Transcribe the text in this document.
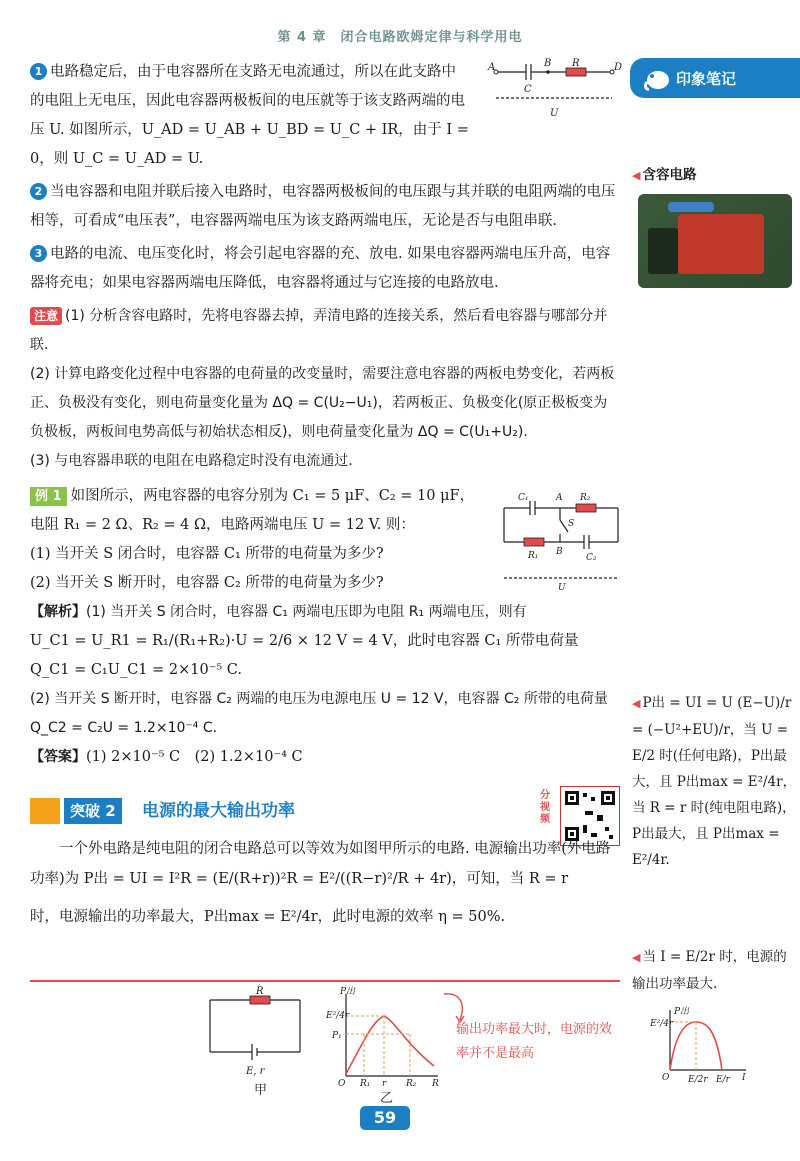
第 4 章　闭合电路欧姆定律与科学用电

1 电路稳定后，由于电容器所在支路无电流通过，所以在此支路中的电阻上无电压，因此电容器两极板间的电压就等于该支路两端的电压 U. 如图所示，U_AD = U_AB + U_BD = U_C + IR，由于 I = 0，则 U_C = U_AD = U.

2 当电容器和电阻并联后接入电路时，电容器两极板间的电压跟与其并联的电阻两端的电压相等，可看成“电压表”，电容器两端电压为该支路两端电压，无论是否与电阻串联.

3 电路的电流、电压变化时，将会引起电容器的充、放电. 如果电容器两端电压升高，电容器将充电；如果电容器两端电压降低，电容器将通过与它连接的电路放电.

注意 (1) 分析含容电路时，先将电容器去掉，弄清电路的连接关系，然后看电容器与哪部分并联.
(2) 计算电路变化过程中电容器的电荷量的改变量时，需要注意电容器的两板电势变化，若两板正、负极没有变化，则电荷量变化量为 ΔQ = C(U₂−U₁)，若两板正、负极变化(原正极板变为负极板，两板间电势高低与初始状态相反)，则电荷量变化量为 ΔQ = C(U₁+U₂).
(3) 与电容器串联的电阻在电路稳定时没有电流通过.
例 1 如图所示，两电容器的电容分别为 C₁ = 5 μF、C₂ = 10 μF，电阻 R₁ = 2 Ω、R₂ = 4 Ω，电路两端电压 U = 12 V. 则：
(1) 当开关 S 闭合时，电容器 C₁ 所带的电荷量为多少?
(2) 当开关 S 断开时，电容器 C₂ 所带的电荷量为多少?
【解析】(1) 当开关 S 闭合时，电容器 C₁ 两端电压即为电阻 R₁ 两端电压，则有
U_C1 = U_R1 = R₁/(R₁+R₂)·U = 2/6 × 12 V = 4 V，此时电容器 C₁ 所带电荷量 Q_C1 = C₁U_C1 = 2×10⁻⁵ C.
(2) 当开关 S 断开时，电容器 C₂ 两端的电压为电源电压 U = 12 V，电容器 C₂ 所带的电荷量 Q_C2 = C₂U = 1.2×10⁻⁴ C.
【答案】(1) 2×10⁻⁵ C　(2) 1.2×10⁻⁴ C
A	B R	D
C
U
C₁	A R₂
S
R₁ B
C₂
U
突破 2	电源的最大输出功率
分视频
一个外电路是纯电阻的闭合电路总可以等效为如图甲所示的电路. 电源输出功率(外电路功率)为 P出 = UI = I²R = (E/(R+r))²R = E²/((R−r)²/R + 4r)，可知，当 R = r
时，电源输出的功率最大，P出max = E²/4r，此时电源的效率 η = 50%.
R
E, r
甲
P出
E²/4r
P₁
O R₁ r R₂ R
乙
输出功率最大时，电源的效率并不是最高
印象笔记
◀ 含容电路
◀ P出 = UI = U (E−U)/r = (−U²+EU)/r，当 U = E/2 时(任何电路)，P出最大，且 P出max = E²/4r，当 R = r 时(纯电阻电路)，P出最大，且 P出max = E²/4r.
◀ 当 I = E/2r 时，电源的输出功率最大.
P出
E²/4r
O E/2r E/r I
59
